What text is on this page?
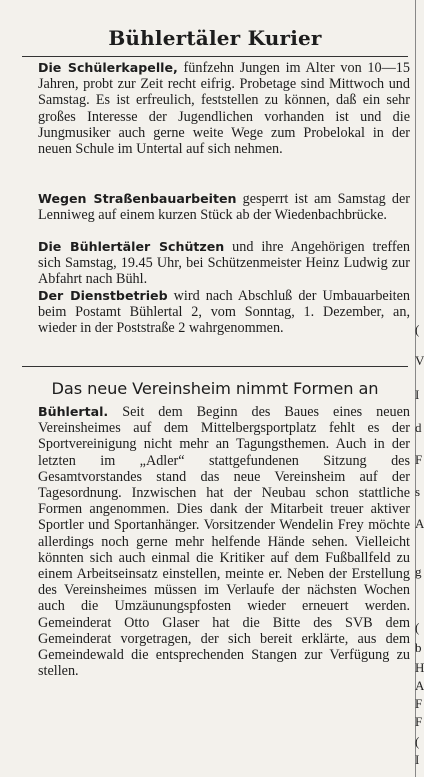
Bühlertäler Kurier
Die Schülerkapelle, fünfzehn Jungen im Alter von 10—15 Jahren, probt zur Zeit recht eifrig. Probetage sind Mittwoch und Samstag. Es ist erfreulich, feststellen zu können, daß ein sehr großes Interesse der Jugendlichen vorhanden ist und die Jungmusiker auch gerne weite Wege zum Probelokal in der neuen Schule im Untertal auf sich nehmen.
Wegen Straßenbauarbeiten gesperrt ist am Samstag der Lenniweg auf einem kurzen Stück ab der Wiedenbachbrücke.
Die Bühlertäler Schützen und ihre Angehörigen treffen sich Samstag, 19.45 Uhr, bei Schützenmeister Heinz Ludwig zur Abfahrt nach Bühl.
Der Dienstbetrieb wird nach Abschluß der Umbauarbeiten beim Postamt Bühlertal 2, vom Sonntag, 1. Dezember, an, wieder in der Poststraße 2 wahrgenommen.
Das neue Vereinsheim nimmt Formen an
Bühlertal. Seit dem Beginn des Baues eines neuen Vereinsheimes auf dem Mittelbergsportplatz fehlt es der Sportvereinigung nicht mehr an Tagungsthemen. Auch in der letzten im „Adler“ stattgefundenen Sitzung des Gesamtvorstandes stand das neue Vereinsheim auf der Tagesordnung. Inzwischen hat der Neubau schon stattliche Formen angenommen. Dies dank der Mitarbeit treuer aktiver Sportler und Sportanhänger. Vorsitzender Wendelin Frey möchte allerdings noch gerne mehr helfende Hände sehen. Vielleicht könnten sich auch einmal die Kritiker auf dem Fußballfeld zu einem Arbeitseinsatz einstellen, meinte er. Neben der Erstellung des Vereinsheimes müssen im Verlaufe der nächsten Wochen auch die Umzäunungspfosten wieder erneuert werden. Gemeinderat Otto Glaser hat die Bitte des SVB dem Gemeinderat vorgetragen, der sich bereit erklärte, aus dem Gemeindewald die entsprechenden Stangen zur Verfügung zu stellen.
(
V
I
d
F
s
A
g
(
b
H
A
F
F
(
I
